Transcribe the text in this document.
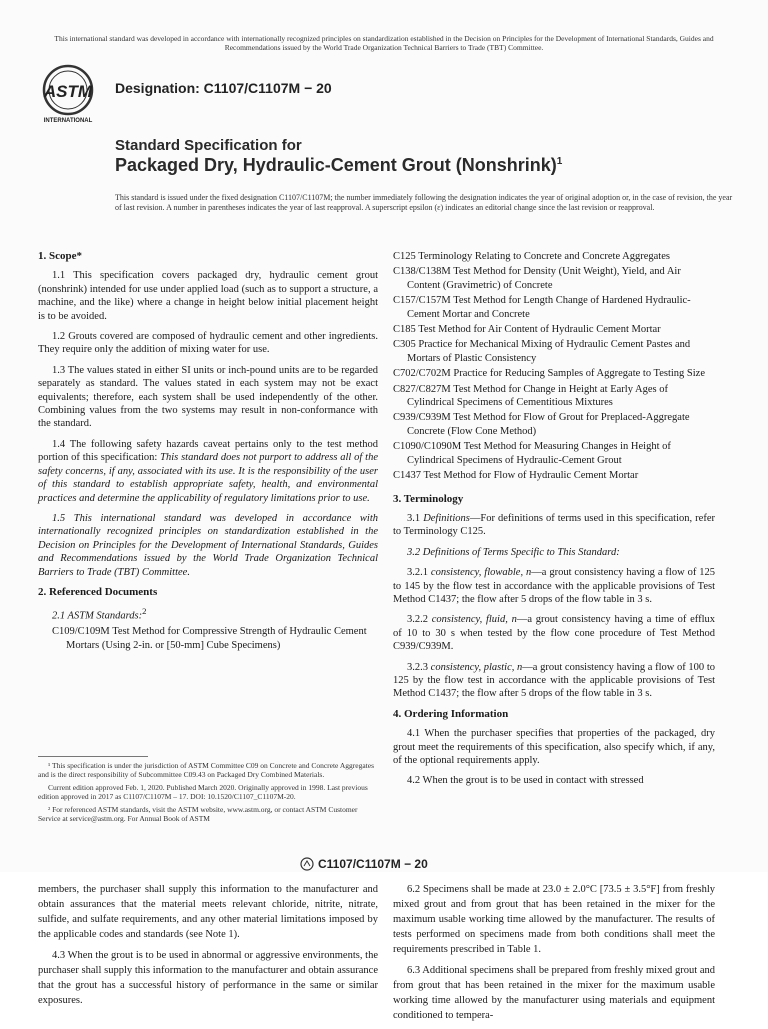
This international standard was developed in accordance with internationally recognized principles on standardization established in the Decision on Principles for the Development of International Standards, Guides and Recommendations issued by the World Trade Organization Technical Barriers to Trade (TBT) Committee.
ASTM
INTERNATIONAL
Designation: C1107/C1107M − 20
Standard Specification for
Packaged Dry, Hydraulic-Cement Grout (Nonshrink)$^1$
This standard is issued under the fixed designation C1107/C1107M; the number immediately following the designation indicates the year of original adoption or, in the case of revision, the year of last revision. A number in parentheses indicates the year of last reapproval. A superscript epsilon (ε) indicates an editorial change since the last revision or reapproval.
1. Scope*

1.1 This specification covers packaged dry, hydraulic cement grout (nonshrink) intended for use under applied load (such as to support a structure, a machine, and the like) where a change in height below initial placement height is to be avoided.

1.2 Grouts covered are composed of hydraulic cement and other ingredients. They require only the addition of mixing water for use.

1.3 The values stated in either SI units or inch-pound units are to be regarded separately as standard. The values stated in each system may not be exact equivalents; therefore, each system shall be used independently of the other. Combining values from the two systems may result in non-conformance with the standard.

1.4 The following safety hazards caveat pertains only to the test method portion of this specification: This standard does not purport to address all of the safety concerns, if any, associated with its use. It is the responsibility of the user of this standard to establish appropriate safety, health, and environmental practices and determine the applicability of regulatory limitations prior to use.

1.5 This international standard was developed in accordance with internationally recognized principles on standardization established in the Decision on Principles for the Development of International Standards, Guides and Recommendations issued by the World Trade Organization Technical Barriers to Trade (TBT) Committee.

2. Referenced Documents

2.1 ASTM Standards:$^2$

C109/C109M Test Method for Compressive Strength of Hydraulic Cement Mortars (Using 2-in. or [50-mm] Cube Specimens)

¹ This specification is under the jurisdiction of ASTM Committee C09 on Concrete and Concrete Aggregates and is the direct responsibility of Subcommittee C09.43 on Packaged Dry Combined Materials.

Current edition approved Feb. 1, 2020. Published March 2020. Originally approved in 1998. Last previous edition approved in 2017 as C1107/C1107M – 17. DOI: 10.1520/C1107_C1107M-20.

² For referenced ASTM standards, visit the ASTM website, www.astm.org, or contact ASTM Customer Service at service@astm.org. For Annual Book of ASTM

C125 Terminology Relating to Concrete and Concrete Aggregates
C138/C138M Test Method for Density (Unit Weight), Yield, and Air Content (Gravimetric) of Concrete
C157/C157M Test Method for Length Change of Hardened Hydraulic-Cement Mortar and Concrete
C185 Test Method for Air Content of Hydraulic Cement Mortar
C305 Practice for Mechanical Mixing of Hydraulic Cement Pastes and Mortars of Plastic Consistency
C702/C702M Practice for Reducing Samples of Aggregate to Testing Size
C827/C827M Test Method for Change in Height at Early Ages of Cylindrical Specimens of Cementitious Mixtures
C939/C939M Test Method for Flow of Grout for Preplaced-Aggregate Concrete (Flow Cone Method)
C1090/C1090M Test Method for Measuring Changes in Height of Cylindrical Specimens of Hydraulic-Cement Grout
C1437 Test Method for Flow of Hydraulic Cement Mortar
3. Terminology

3.1 Definitions—For definitions of terms used in this specification, refer to Terminology C125.

3.2 Definitions of Terms Specific to This Standard:

3.2.1 consistency, flowable, n—a grout consistency having a flow of 125 to 145 by the flow test in accordance with the applicable provisions of Test Method C1437; the flow after 5 drops of the flow table in 3 s.

3.2.2 consistency, fluid, n—a grout consistency having a time of efflux of 10 to 30 s when tested by the flow cone procedure of Test Method C939/C939M.

3.2.3 consistency, plastic, n—a grout consistency having a flow of 100 to 125 by the flow test in accordance with the applicable provisions of Test Method C1437; the flow after 5 drops of the flow table in 3 s.

4. Ordering Information

4.1 When the purchaser specifies that properties of the packaged, dry grout meet the requirements of this specification, also specify which, if any, of the optional requirements apply.

4.2 When the grout is to be used in contact with stressed

C1107/C1107M − 20

members, the purchaser shall supply this information to the manufacturer and obtain assurances that the material meets relevant chloride, nitrite, nitrate, sulfide, and sulfate requirements, and any other material limitations imposed by the applicable codes and standards (see Note 1).

4.3 When the grout is to be used in abnormal or aggressive environments, the purchaser shall supply this information to the manufacturer and obtain assurance that the grout has a successful history of performance in the same or similar exposures.

6.2 Specimens shall be made at 23.0 ± 2.0°C [73.5 ± 3.5°F] from freshly mixed grout and from grout that has been retained in the mixer for the maximum usable working time allowed by the manufacturer. The results of tests performed on specimens made from both conditions shall meet the requirements prescribed in Table 1.

6.3 Additional specimens shall be prepared from freshly mixed grout and from grout that has been retained in the mixer for the maximum usable working time allowed by the manufacturer using materials and equipment conditioned to tempera-
